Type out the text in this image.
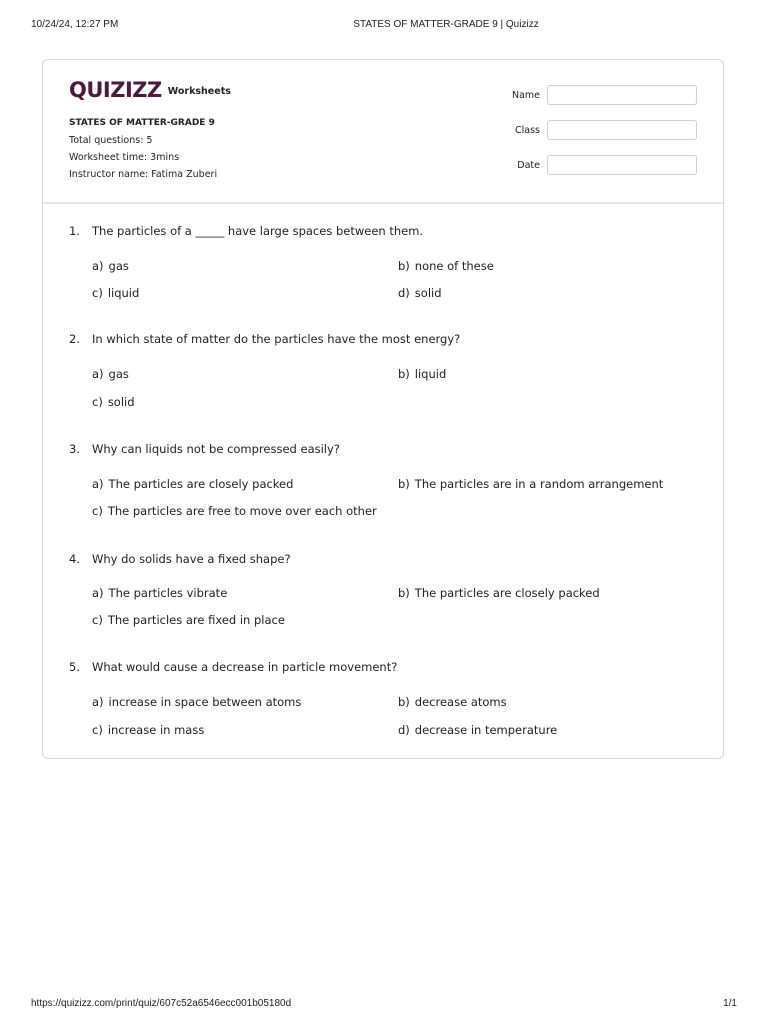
10/24/24, 12:27 PM	STATES OF MATTER-GRADE 9 | Quizizz
QUIZIZZ Worksheets
STATES OF MATTER-GRADE 9
Total questions: 5
Worksheet time: 3mins
Instructor name: Fatima Zuberi
Name
Class
Date
1.	The particles of a _____ have large spaces between them.
a) gas	b) none of these
c) liquid	d) solid
2.	In which state of matter do the particles have the most energy?
a) gas	b) liquid
c) solid
3.	Why can liquids not be compressed easily?
a) The particles are closely packed	b) The particles are in a random arrangement
c) The particles are free to move over each other
4.	Why do solids have a fixed shape?
a) The particles vibrate	b) The particles are closely packed
c) The particles are fixed in place
5.	What would cause a decrease in particle movement?
a) increase in space between atoms	b) decrease atoms
c) increase in mass	d) decrease in temperature
https://quizizz.com/print/quiz/607c52a6546ecc001b05180d	1/1
